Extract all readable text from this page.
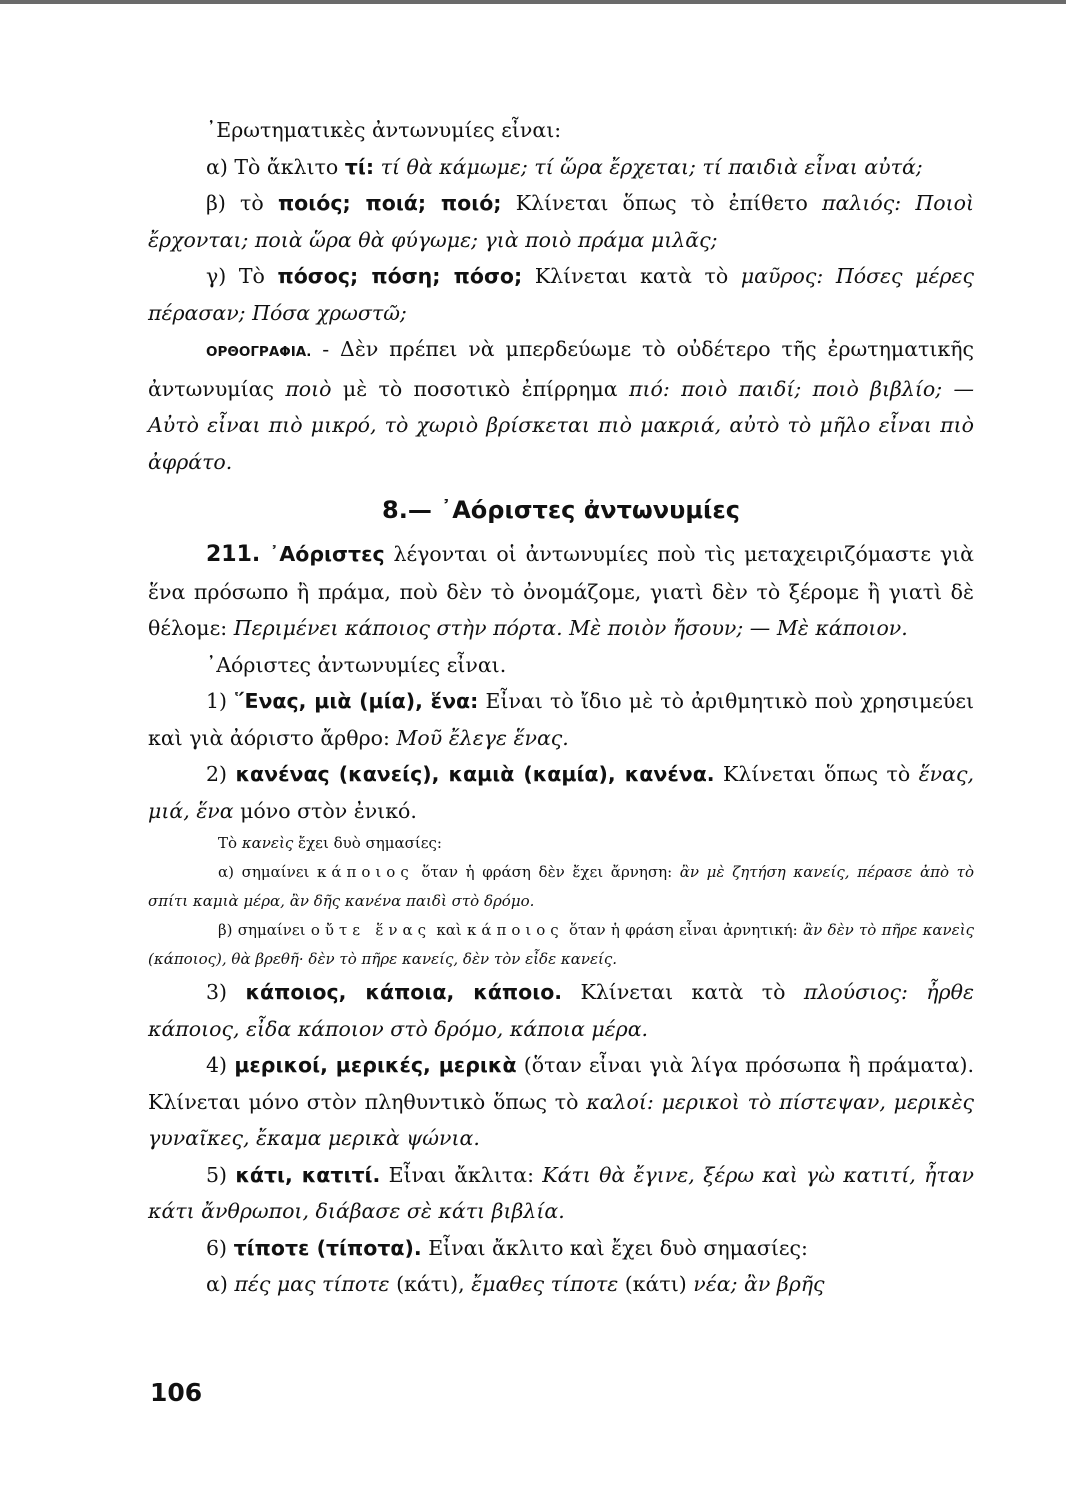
᾿Ερωτηματικὲς ἀντωνυμίες εἶναι:

α) Τὸ ἄκλιτο τί: τί θὰ κάμωμε; τί ὥρα ἔρχεται; τί παιδιὰ εἶναι αὐτά;

β) τὸ ποιός; ποιά; ποιό; Κλίνεται ὅπως τὸ ἐπίθετο παλιός: Ποιοὶ ἔρχονται; ποιὰ ὥρα θὰ φύγωμε; γιὰ ποιὸ πράμα μιλᾶς;

γ) Τὸ πόσος; πόση; πόσο; Κλίνεται κατὰ τὸ μαῦρος: Πόσες μέρες πέρασαν; Πόσα χρωστῶ;

ΟΡΘΟΓΡΑΦΙΑ. - Δὲν πρέπει νὰ μπερδεύωμε τὸ οὐδέτερο τῆς ἐρωτηματικῆς ἀντωνυμίας ποιὸ μὲ τὸ ποσοτικὸ ἐπίρρημα πιό: ποιὸ παιδί; ποιὸ βιβλίο; — Αὐτὸ εἶναι πιὸ μικρό, τὸ χωριὸ βρίσκεται πιὸ μακριά, αὐτὸ τὸ μῆλο εἶναι πιὸ ἀφράτο.

8.— ᾿Αόριστες ἀντωνυμίες

211. ᾿Αόριστες λέγονται οἱ ἀντωνυμίες ποὺ τὶς μεταχειριζόμαστε γιὰ ἕνα πρόσωπο ἢ πράμα, ποὺ δὲν τὸ ὀνομάζομε, γιατὶ δὲν τὸ ξέρομε ἢ γιατὶ δὲ θέλομε: Περιμένει κάποιος στὴν πόρτα. Μὲ ποιὸν ἤσουν; — Μὲ κάποιον.

᾿Αόριστες ἀντωνυμίες εἶναι.

1) ῞Ενας, μιὰ (μία), ἕνα: Εἶναι τὸ ἴδιο μὲ τὸ ἀριθμητικὸ ποὺ χρησιμεύει καὶ γιὰ ἀόριστο ἄρθρο: Μοῦ ἔλεγε ἕνας.

2) κανένας (κανείς), καμιὰ (καμία), κανένα. Κλίνεται ὅπως τὸ ἕνας, μιά, ἕνα μόνο στὸν ἐνικό.

Τὸ κανεὶς ἔχει δυὸ σημασίες:

α) σημαίνει κάποιος ὅταν ἡ φράση δὲν ἔχει ἄρνηση: ἂν μὲ ζητήση κανείς, πέρασε ἀπὸ τὸ σπίτι καμιὰ μέρα, ἂν δῆς κανένα παιδὶ στὸ δρόμο.

β) σημαίνει οὔτε ἕνας καὶ κάποιος ὅταν ἡ φράση εἶναι ἀρνητική: ἂν δὲν τὸ πῆρε κανεὶς (κάποιος), θὰ βρεθῆ· δὲν τὸ πῆρε κανείς, δὲν τὸν εἶδε κανείς.

3) κάποιος, κάποια, κάποιο. Κλίνεται κατὰ τὸ πλούσιος: ἦρθε κάποιος, εἶδα κάποιον στὸ δρόμο, κάποια μέρα.

4) μερικοί, μερικές, μερικὰ (ὅταν εἶναι γιὰ λίγα πρόσωπα ἢ πράματα). Κλίνεται μόνο στὸν πληθυντικὸ ὅπως τὸ καλοί: μερικοὶ τὸ πίστεψαν, μερικὲς γυναῖκες, ἔκαμα μερικὰ ψώνια.

5) κάτι, κατιτί. Εἶναι ἄκλιτα: Κάτι θὰ ἔγινε, ξέρω καὶ γὼ κατιτί, ἦταν κάτι ἄνθρωποι, διάβασε σὲ κάτι βιβλία.

6) τίποτε (τίποτα). Εἶναι ἄκλιτο καὶ ἔχει δυὸ σημασίες:

α) πές μας τίποτε (κάτι), ἔμαθες τίποτε (κάτι) νέα; ἂν βρῆς

106
